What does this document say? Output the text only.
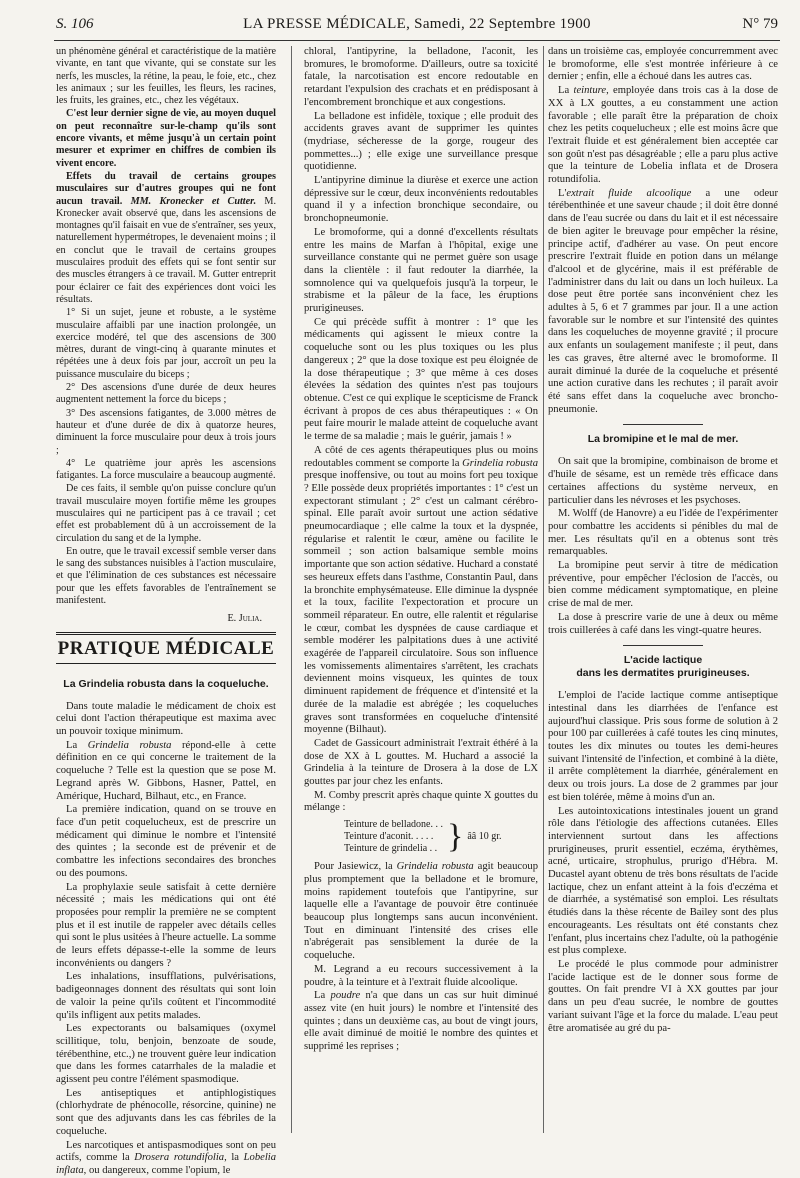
S. 106	LA PRESSE MÉDICALE, Samedi, 22 Septembre 1900	N° 79

un phénomène général et caractéristique de la matière vivante, en tant que vivante, qui se constate sur les nerfs, les muscles, la rétine, la peau, le foie, etc., chez les animaux ; sur les feuilles, les fleurs, les racines, les fruits, les graines, etc., chez les végétaux.

C'est leur dernier signe de vie, au moyen duquel on peut reconnaître sur-le-champ qu'ils sont encore vivants, et même jusqu'à un certain point mesurer et exprimer en chiffres de combien ils vivent encore.

Effets du travail de certains groupes musculaires sur d'autres groupes qui ne font aucun travail. MM. Kronecker et Cutter. M. Kronecker avait observé que, dans les ascensions de montagnes qu'il faisait en vue de s'entraîner, ses yeux, naturellement hypermétropes, le devenaient moins ; il en conclut que le travail de certains groupes musculaires produit des effets qui se font sentir sur des muscles étrangers à ce travail. M. Gutter entreprit pour éclairer ce fait des expériences dont voici les résultats.

1° Si un sujet, jeune et robuste, a le système musculaire affaibli par une inaction prolongée, un exercice modéré, tel que des ascensions de 300 mètres, durant de vingt-cinq à quarante minutes et répétées une à deux fois par jour, accroît un peu la puissance musculaire du biceps ;

2° Des ascensions d'une durée de deux heures augmentent nettement la force du biceps ;

3° Des ascensions fatigantes, de 3.000 mètres de hauteur et d'une durée de dix à quatorze heures, diminuent la force musculaire pour deux à trois jours ;

4° Le quatrième jour après les ascensions fatigantes. La force musculaire a beaucoup augmenté.

De ces faits, il semble qu'on puisse conclure qu'un travail musculaire moyen fortifie même les groupes musculaires qui ne participent pas à ce travail ; cet effet est probablement dû à un accroissement de la circulation du sang et de la lymphe.

En outre, que le travail excessif semble verser dans le sang des substances nuisibles à l'action musculaire, et que l'élimination de ces substances est nécessaire pour que les effets favorables de l'entraînement se manifestent.

E. Julia.

PRATIQUE MÉDICALE

La Grindelia robusta dans la coqueluche.

Dans toute maladie le médicament de choix est celui dont l'action thérapeutique est maxima avec un pouvoir toxique minimum.

La Grindelia robusta répond-elle à cette définition en ce qui concerne le traitement de la coqueluche ? Telle est la question que se pose M. Legrand après W. Gibbons, Hasner, Pattel, en Amérique, Huchard, Bilhaut, etc., en France.

La première indication, quand on se trouve en face d'un petit coquelucheux, est de prescrire un médicament qui diminue le nombre et l'intensité des quintes ; la seconde est de prévenir et de combattre les infections secondaires des bronches ou des poumons.

La prophylaxie seule satisfait à cette dernière nécessité ; mais les médications qui ont été proposées pour remplir la première ne se comptent plus et il est inutile de rappeler avec détails celles qui sont le plus usitées à l'heure actuelle. La somme de leurs effets dépasse-t-elle la somme de leurs inconvénients ou dangers ?

Les inhalations, insufflations, pulvérisations, badigeonnages donnent des résultats qui sont loin de valoir la peine qu'ils coûtent et l'incommodité qu'ils infligent aux petits malades.

Les expectorants ou balsamiques (oxymel scillitique, tolu, benjoin, benzoate de soude, térébenthine, etc.,) ne trouvent guère leur indication que dans les formes catarrhales de la maladie et agissent peu contre l'élément spasmodique.

Les antiseptiques et antiphlogistiques (chlorhydrate de phénocolle, résorcine, quinine) ne sont que des adjuvants dans les cas fébriles de la coqueluche.

Les narcotiques et antispasmodiques sont on peu actifs, comme la Drosera rotundifolia, la Lobelia inflata, ou dangereux, comme l'opium, le

chloral, l'antipyrine, la belladone, l'aconit, les bromures, le bromoforme. D'ailleurs, outre sa toxicité fatale, la narcotisation est encore redoutable en retardant l'expulsion des crachats et en prédisposant à l'encombrement bronchique et aux congestions.

La belladone est infidèle, toxique ; elle produit des accidents graves avant de supprimer les quintes (mydriase, sécheresse de la gorge, rougeur des pommettes...) ; elle exige une surveillance presque quotidienne.

L'antipyrine diminue la diurèse et exerce une action dépressive sur le cœur, deux inconvénients redoutables quand il y a infection bronchique secondaire, ou bronchopneumonie.

Le bromoforme, qui a donné d'excellents résultats entre les mains de Marfan à l'hôpital, exige une surveillance constante qui ne permet guère son usage dans la clientèle : il faut redouter la diarrhée, la somnolence qui va quelquefois jusqu'à la torpeur, le strabisme et la pâleur de la face, les éruptions prurigineuses.

Ce qui précède suffit à montrer : 1° que les médicaments qui agissent le mieux contre la coqueluche sont ou les plus toxiques ou les plus dangereux ; 2° que la dose toxique est peu éloignée de la dose thérapeutique ; 3° que même à ces doses élevées la sédation des quintes n'est pas toujours obtenue. C'est ce qui explique le scepticisme de Franck écrivant à propos de ces abus thérapeutiques : « On peut faire mourir le malade atteint de coqueluche avant le terme de sa maladie ; mais le guérir, jamais ! »

A côté de ces agents thérapeutiques plus ou moins redoutables comment se comporte la Grindelia robusta presque inoffensive, ou tout au moins fort peu toxique ? Elle possède deux propriétés importantes : 1° c'est un expectorant stimulant ; 2° c'est un calmant cérébro-spinal. Elle paraît avoir surtout une action sédative pneumocardiaque ; elle calme la toux et la dyspnée, régularise et ralentit le cœur, amène ou facilite le sommeil ; son action balsamique semble moins importante que son action sédative. Huchard a constaté ses heureux effets dans l'asthme, Constantin Paul, dans la bronchite emphysémateuse. Elle diminue la dyspnée et la toux, facilite l'expectoration et procure un sommeil réparateur. En outre, elle ralentit et régularise le cœur, combat les dyspnées de cause cardiaque et semble modérer les palpitations dues à une activité exagérée de l'appareil circulatoire. Sous son influence les vomissements alimentaires s'arrêtent, les crachats deviennent moins visqueux, les quintes de toux diminuent rapidement de fréquence et d'intensité et la durée de la maladie est abrégée ; les coqueluches graves sont transformées en coqueluche d'intensité moyenne (Bilhaut).

Cadet de Gassicourt administrait l'extrait éthéré à la dose de XX à L gouttes. M. Huchard a associé la Grindelia à la teinture de Drosera à la dose de LX gouttes par jour chez les enfants.

M. Comby prescrit après chaque quinte X gouttes du mélange :

Teinture de belladone. . .
Teinture d'aconit. . . . .
Teinture de grindelia . . } ââ 10 gr.

Pour Jasiewicz, la Grindelia robusta agit beaucoup plus promptement que la belladone et le bromure, moins rapidement toutefois que l'antipyrine, sur laquelle elle a l'avantage de pouvoir être continuée beaucoup plus longtemps sans aucun inconvénient. Tout en diminuant l'intensité des crises elle n'abrégerait pas sensiblement la durée de la coqueluche.

M. Legrand a eu recours successivement à la poudre, à la teinture et à l'extrait fluide alcoolique.

La poudre n'a que dans un cas sur huit diminué assez vite (en huit jours) le nombre et l'intensité des quintes ; dans un deuxième cas, au bout de vingt jours, elle avait diminué de moitié le nombre des quintes et supprimé les reprises ;

dans un troisième cas, employée concurremment avec le bromoforme, elle s'est montrée inférieure à ce dernier ; enfin, elle a échoué dans les autres cas.

La teinture, employée dans trois cas à la dose de XX à LX gouttes, a eu constamment une action favorable ; elle paraît être la préparation de choix chez les petits coquelucheux ; elle est moins âcre que l'extrait fluide et est généralement bien acceptée car son goût n'est pas désagréable ; elle a paru plus active que la teinture de Lobelia inflata et de Drosera rotundifolia.

L'extrait fluide alcoolique a une odeur térébenthinée et une saveur chaude ; il doit être donné dans de l'eau sucrée ou dans du lait et il est nécessaire de bien agiter le breuvage pour empêcher la résine, principe actif, d'adhérer au vase. On peut encore prescrire l'extrait fluide en potion dans un mélange d'alcool et de glycérine, mais il est préférable de l'administrer dans du lait ou dans un loch huileux. La dose peut être portée sans inconvénient chez les adultes à 5, 6 et 7 grammes par jour. Il a une action favorable sur le nombre et sur l'intensité des quintes dans les coqueluches de moyenne gravité ; il procure aux enfants un soulagement manifeste ; il peut, dans les cas graves, être alterné avec le bromoforme. Il aurait diminué la durée de la coqueluche et présenté une action curative dans les rechutes ; il paraît avoir été sans effet dans la coqueluche avec broncho-pneumonie.

La bromipine et le mal de mer.

On sait que la bromipine, combinaison de brome et d'huile de sésame, est un remède très efficace dans certaines affections du système nerveux, en particulier dans les névroses et les psychoses.

M. Wolff (de Hanovre) a eu l'idée de l'expérimenter pour combattre les accidents si pénibles du mal de mer. Les résultats qu'il en a obtenus sont très remarquables.

La bromipine peut servir à titre de médication préventive, pour empêcher l'éclosion de l'accès, ou bien comme médicament symptomatique, en pleine crise de mal de mer.

La dose à prescrire varie de une à deux ou même trois cuillerées à café dans les vingt-quatre heures.

L'acide lactique
dans les dermatites prurigineuses.

L'emploi de l'acide lactique comme antiseptique intestinal dans les diarrhées de l'enfance est aujourd'hui classique. Pris sous forme de solution à 2 pour 100 par cuillerées à café toutes les cinq minutes, toutes les dix minutes ou toutes les demi-heures suivant l'intensité de l'infection, et combiné à la diète, il arrête complètement la diarrhée, généralement en deux ou trois jours. La dose de 2 grammes par jour est bien tolérée, même à moins d'un an.

Les autointoxications intestinales jouent un grand rôle dans l'étiologie des affections cutanées. Elles interviennent surtout dans les affections prurigineuses, prurit essentiel, eczéma, érythèmes, acné, urticaire, strophulus, prurigo d'Hébra. M. Ducastel ayant obtenu de très bons résultats de l'acide lactique, chez un enfant atteint à la fois d'eczéma et de diarrhée, a systématisé son emploi. Les résultats étudiés dans la thèse récente de Bailey sont des plus encourageants. Les résultats ont été constants chez l'enfant, plus incertains chez l'adulte, où la pathogénie est plus complexe.

Le procédé le plus commode pour administrer l'acide lactique est de le donner sous forme de gouttes. On fait prendre VI à XX gouttes par jour dans un peu d'eau sucrée, le nombre de gouttes variant suivant l'âge et la force du malade. L'eau peut être aromatisée au gré du pa-
